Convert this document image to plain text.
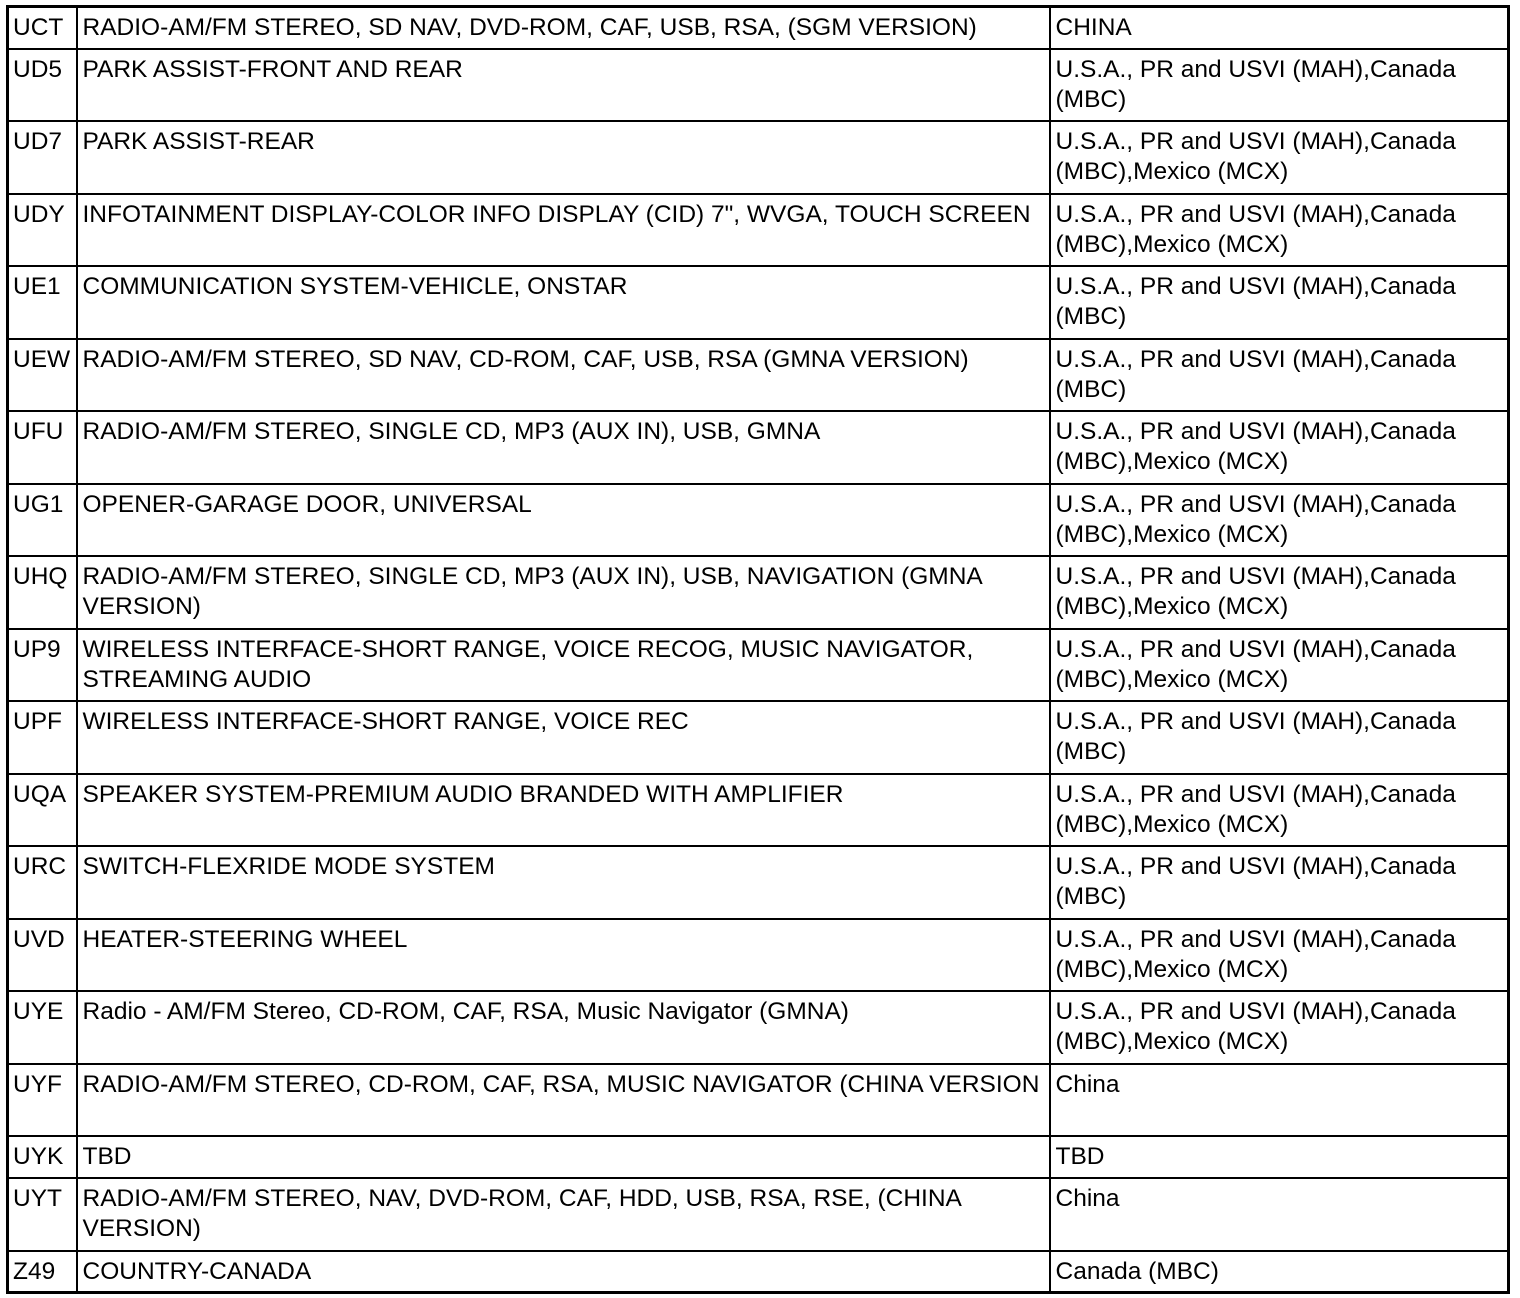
UCT	RADIO-AM/FM STEREO, SD NAV, DVD-ROM, CAF, USB, RSA, (SGM VERSION)	CHINA
UD5	PARK ASSIST-FRONT AND REAR	U.S.A., PR and USVI (MAH),Canada (MBC)
UD7	PARK ASSIST-REAR	U.S.A., PR and USVI (MAH),Canada (MBC),Mexico (MCX)
UDY	INFOTAINMENT DISPLAY-COLOR INFO DISPLAY (CID) 7", WVGA, TOUCH SCREEN	U.S.A., PR and USVI (MAH),Canada (MBC),Mexico (MCX)
UE1	COMMUNICATION SYSTEM-VEHICLE, ONSTAR	U.S.A., PR and USVI (MAH),Canada (MBC)
UEW	RADIO-AM/FM STEREO, SD NAV, CD-ROM, CAF, USB, RSA (GMNA VERSION)	U.S.A., PR and USVI (MAH),Canada (MBC)
UFU	RADIO-AM/FM STEREO, SINGLE CD, MP3 (AUX IN), USB, GMNA	U.S.A., PR and USVI (MAH),Canada (MBC),Mexico (MCX)
UG1	OPENER-GARAGE DOOR, UNIVERSAL	U.S.A., PR and USVI (MAH),Canada (MBC),Mexico (MCX)
UHQ	RADIO-AM/FM STEREO, SINGLE CD, MP3 (AUX IN), USB, NAVIGATION (GMNA VERSION)	U.S.A., PR and USVI (MAH),Canada (MBC),Mexico (MCX)
UP9	WIRELESS INTERFACE-SHORT RANGE, VOICE RECOG, MUSIC NAVIGATOR, STREAMING AUDIO	U.S.A., PR and USVI (MAH),Canada (MBC),Mexico (MCX)
UPF	WIRELESS INTERFACE-SHORT RANGE, VOICE REC	U.S.A., PR and USVI (MAH),Canada (MBC)
UQA	SPEAKER SYSTEM-PREMIUM AUDIO BRANDED WITH AMPLIFIER	U.S.A., PR and USVI (MAH),Canada (MBC),Mexico (MCX)
URC	SWITCH-FLEXRIDE MODE SYSTEM	U.S.A., PR and USVI (MAH),Canada (MBC)
UVD	HEATER-STEERING WHEEL	U.S.A., PR and USVI (MAH),Canada (MBC),Mexico (MCX)
UYE	Radio - AM/FM Stereo, CD-ROM, CAF, RSA, Music Navigator (GMNA)	U.S.A., PR and USVI (MAH),Canada (MBC),Mexico (MCX)
UYF	RADIO-AM/FM STEREO, CD-ROM, CAF, RSA, MUSIC NAVIGATOR (CHINA VERSION	China
UYK	TBD	TBD
UYT	RADIO-AM/FM STEREO, NAV, DVD-ROM, CAF, HDD, USB, RSA, RSE, (CHINA VERSION)	China
Z49	COUNTRY-CANADA	Canada (MBC)
